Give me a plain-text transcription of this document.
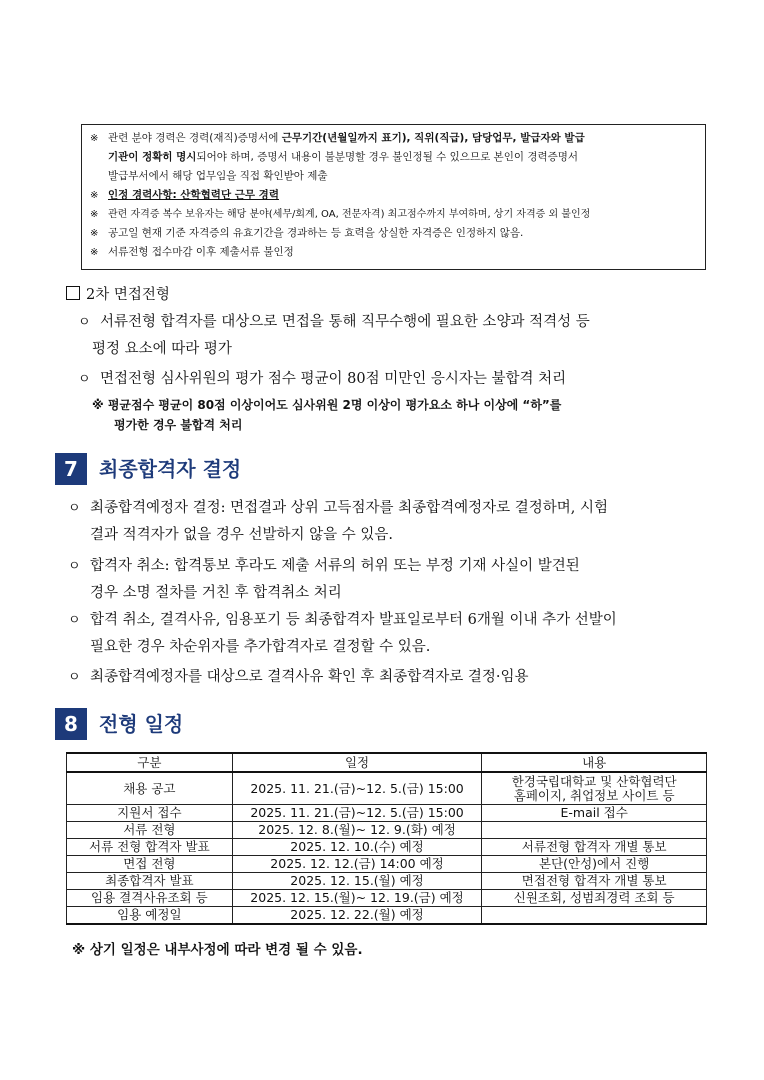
※ 관련 분야 경력은 경력(재직)증명서에 근무기간(년월일까지 표기), 직위(직급), 담당업무, 발급자와 발급
기관이 정확히 명시되어야 하며, 증명서 내용이 불분명할 경우 불인정될 수 있으므로 본인이 경력증명서
발급부서에서 해당 업무임을 직접 확인받아 제출
※ 인정 경력사항: 산학협력단 근무 경력
※ 관련 자격증 복수 보유자는 해당 분야(세무/회계, OA, 전문자격) 최고점수까지 부여하며, 상기 자격증 외 불인정
※ 공고일 현재 기준 자격증의 유효기간을 경과하는 등 효력을 상실한 자격증은 인정하지 않음.
※ 서류전형 접수마감 이후 제출서류 불인정
2차 면접전형
ㅇ 서류전형 합격자를 대상으로 면접을 통해 직무수행에 필요한 소양과 적격성 등
평정 요소에 따라 평가
ㅇ 면접전형 심사위원의 평가 점수 평균이 80점 미만인 응시자는 불합격 처리
※ 평균점수 평균이 80점 이상이어도 심사위원 2명 이상이 평가요소 하나 이상에 “하”를
평가한 경우 불합격 처리
7	최종합격자 결정
ㅇ 최종합격예정자 결정: 면접결과 상위 고득점자를 최종합격예정자로 결정하며, 시험
결과 적격자가 없을 경우 선발하지 않을 수 있음.
ㅇ 합격자 취소: 합격통보 후라도 제출 서류의 허위 또는 부정 기재 사실이 발견된
경우 소명 절차를 거친 후 합격취소 처리
ㅇ 합격 취소, 결격사유, 임용포기 등 최종합격자 발표일로부터 6개월 이내 추가 선발이
필요한 경우 차순위자를 추가합격자로 결정할 수 있음.
ㅇ 최종합격예정자를 대상으로 결격사유 확인 후 최종합격자로 결정·임용
8	전형 일정
구분	일정	내용
채용 공고	2025. 11. 21.(금)~12. 5.(금) 15:00	한경국립대학교 및 산학협력단
홈페이지, 취업정보 사이트 등
지원서 접수	2025. 11. 21.(금)~12. 5.(금) 15:00	E-mail 접수
서류 전형	2025. 12. 8.(월)~ 12. 9.(화) 예정	
서류 전형 합격자 발표	2025. 12. 10.(수) 예정	서류전형 합격자 개별 통보
면접 전형	2025. 12. 12.(금) 14:00 예정	본단(안성)에서 진행
최종합격자 발표	2025. 12. 15.(월) 예정	면접전형 합격자 개별 통보
임용 결격사유조회 등	2025. 12. 15.(월)~ 12. 19.(금) 예정	신원조회, 성범죄경력 조회 등
임용 예정일	2025. 12. 22.(월) 예정	
※ 상기 일정은 내부사정에 따라 변경 될 수 있음.
